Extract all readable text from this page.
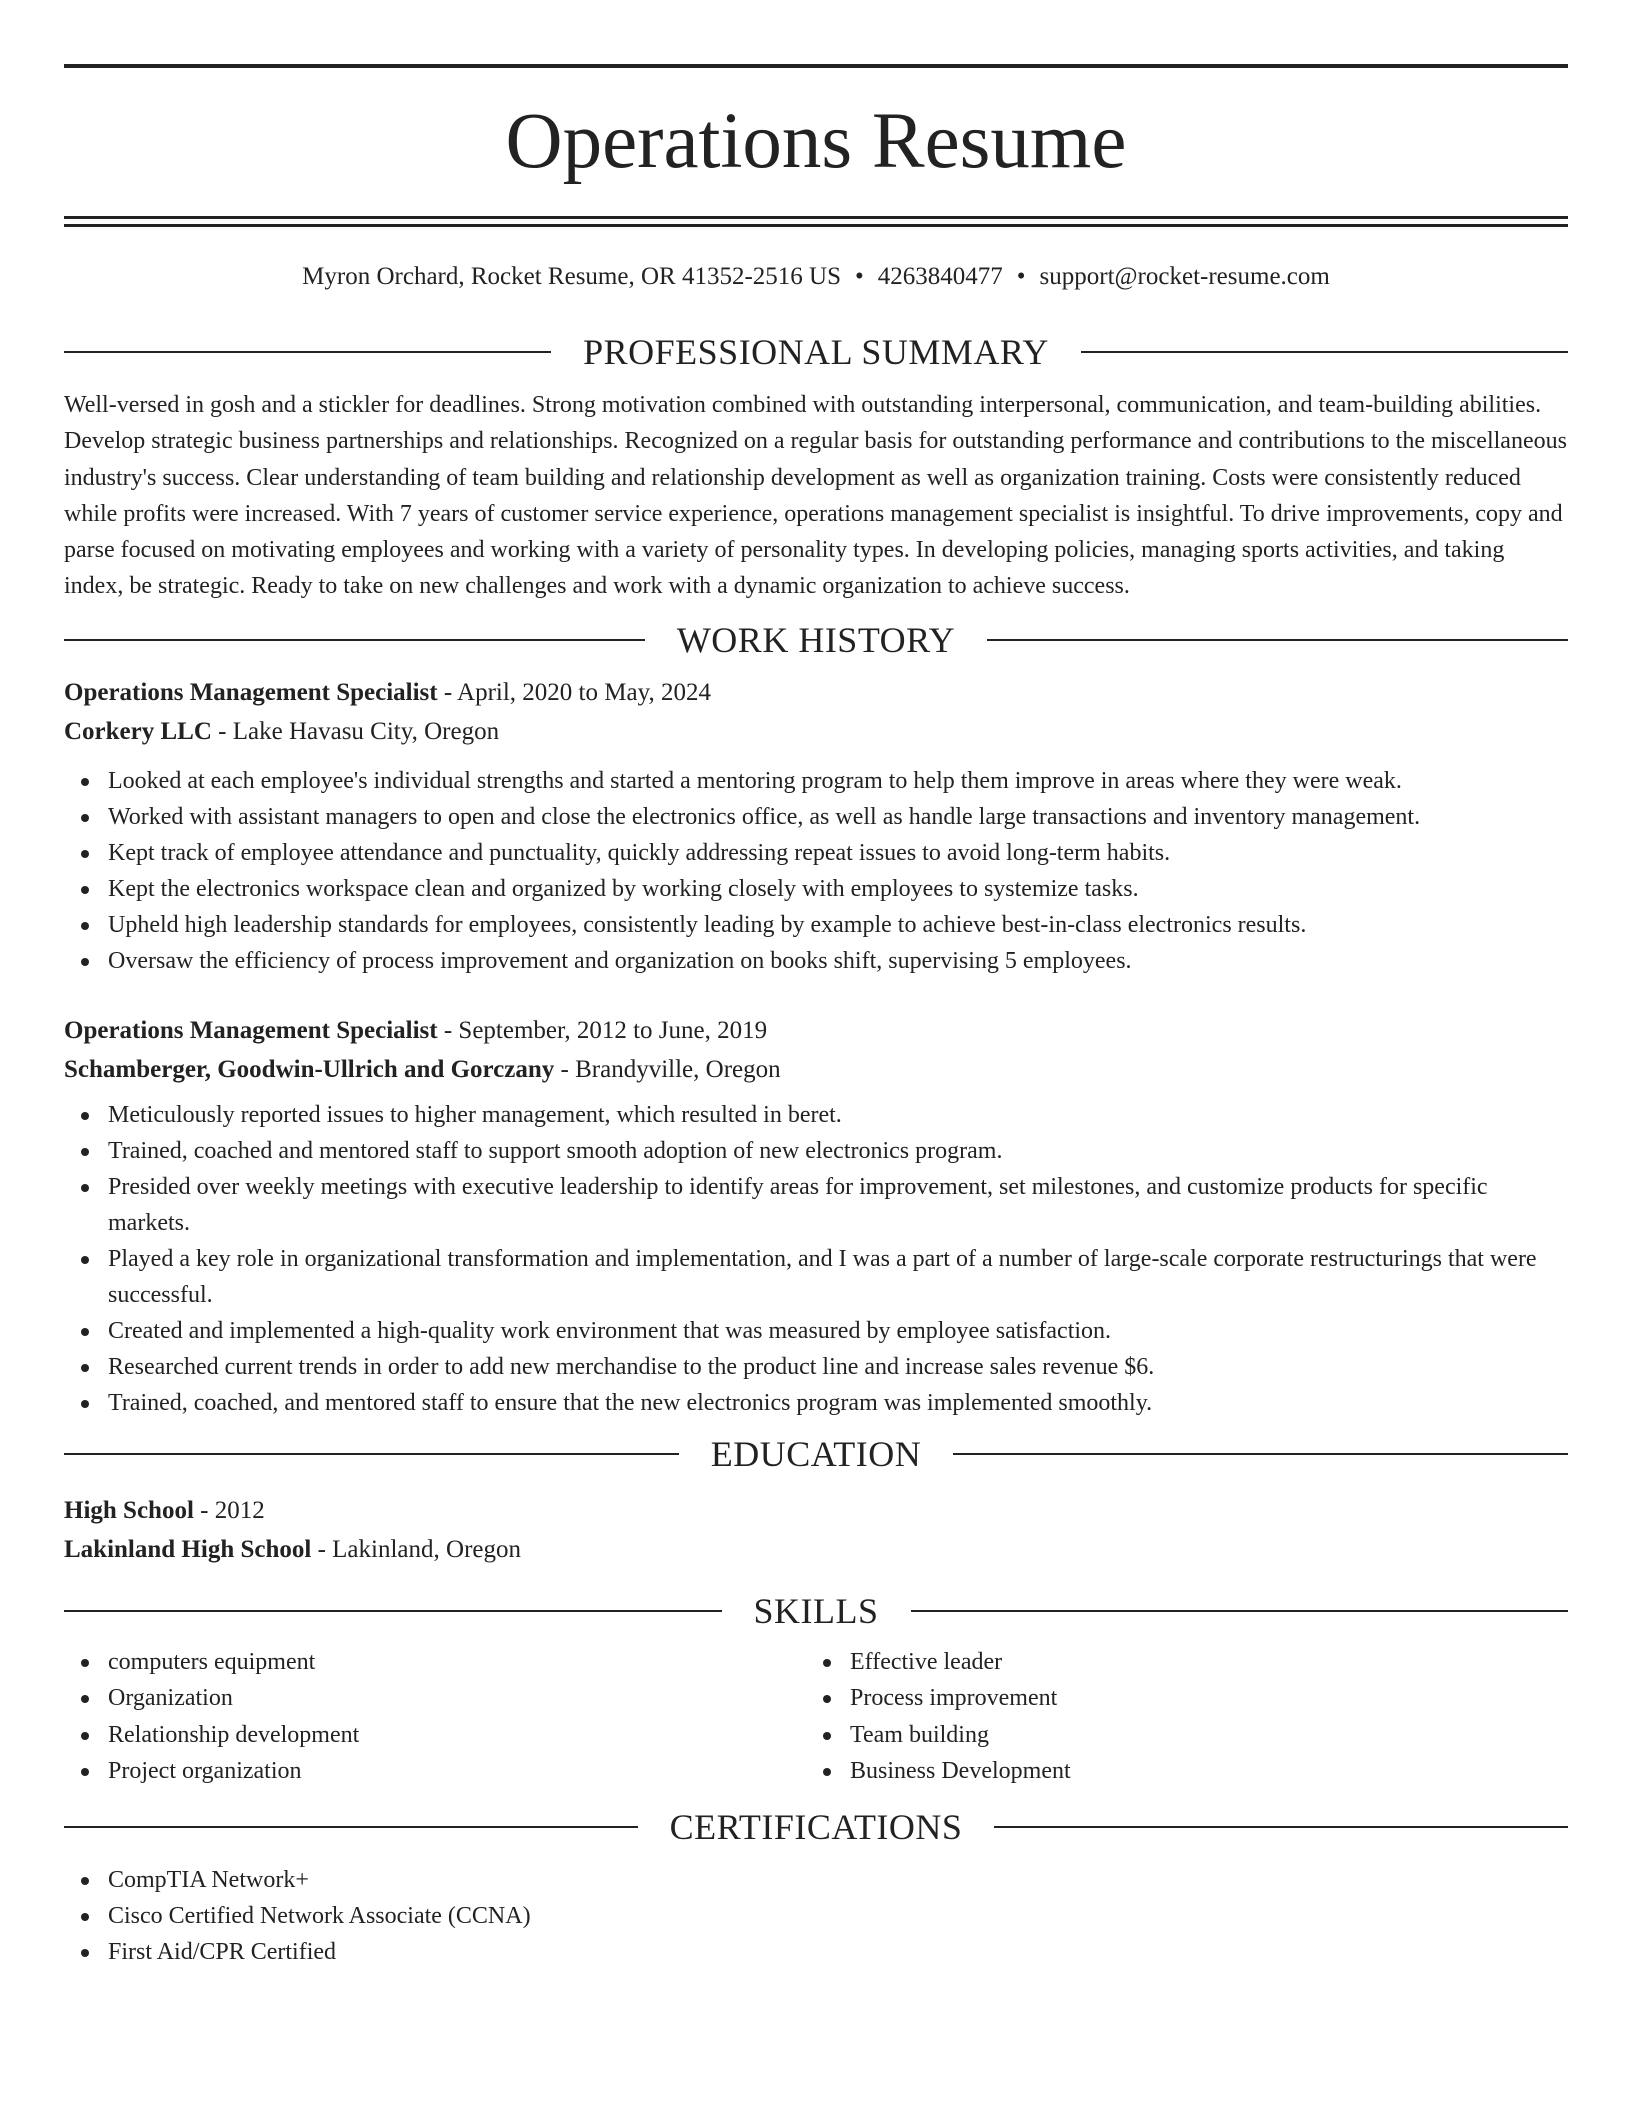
Operations Resume
Myron Orchard, Rocket Resume, OR 41352-2516 US • 4263840477 • support@rocket-resume.com
PROFESSIONAL SUMMARY

Well-versed in gosh and a stickler for deadlines. Strong motivation combined with outstanding interpersonal, communication, and team-building abilities. Develop strategic business partnerships and relationships. Recognized on a regular basis for outstanding performance and contributions to the miscellaneous industry's success. Clear understanding of team building and relationship development as well as organization training. Costs were consistently reduced while profits were increased. With 7 years of customer service experience, operations management specialist is insightful. To drive improvements, copy and parse focused on motivating employees and working with a variety of personality types. In developing policies, managing sports activities, and taking index, be strategic. Ready to take on new challenges and work with a dynamic organization to achieve success.

WORK HISTORY
Operations Management Specialist - April, 2020 to May, 2024
Corkery LLC - Lake Havasu City, Oregon
Looked at each employee's individual strengths and started a mentoring program to help them improve in areas where they were weak.
Worked with assistant managers to open and close the electronics office, as well as handle large transactions and inventory management.
Kept track of employee attendance and punctuality, quickly addressing repeat issues to avoid long-term habits.
Kept the electronics workspace clean and organized by working closely with employees to systemize tasks.
Upheld high leadership standards for employees, consistently leading by example to achieve best-in-class electronics results.
Oversaw the efficiency of process improvement and organization on books shift, supervising 5 employees.
Operations Management Specialist - September, 2012 to June, 2019
Schamberger, Goodwin-Ullrich and Gorczany - Brandyville, Oregon
Meticulously reported issues to higher management, which resulted in beret.
Trained, coached and mentored staff to support smooth adoption of new electronics program.
Presided over weekly meetings with executive leadership to identify areas for improvement, set milestones, and customize products for specific markets.
Played a key role in organizational transformation and implementation, and I was a part of a number of large-scale corporate restructurings that were successful.
Created and implemented a high-quality work environment that was measured by employee satisfaction.
Researched current trends in order to add new merchandise to the product line and increase sales revenue $6.
Trained, coached, and mentored staff to ensure that the new electronics program was implemented smoothly.
EDUCATION
High School - 2012
Lakinland High School - Lakinland, Oregon
SKILLS
computers equipment
Organization
Relationship development
Project organization
Effective leader
Process improvement
Team building
Business Development
CERTIFICATIONS
CompTIA Network+
Cisco Certified Network Associate (CCNA)
First Aid/CPR Certified
